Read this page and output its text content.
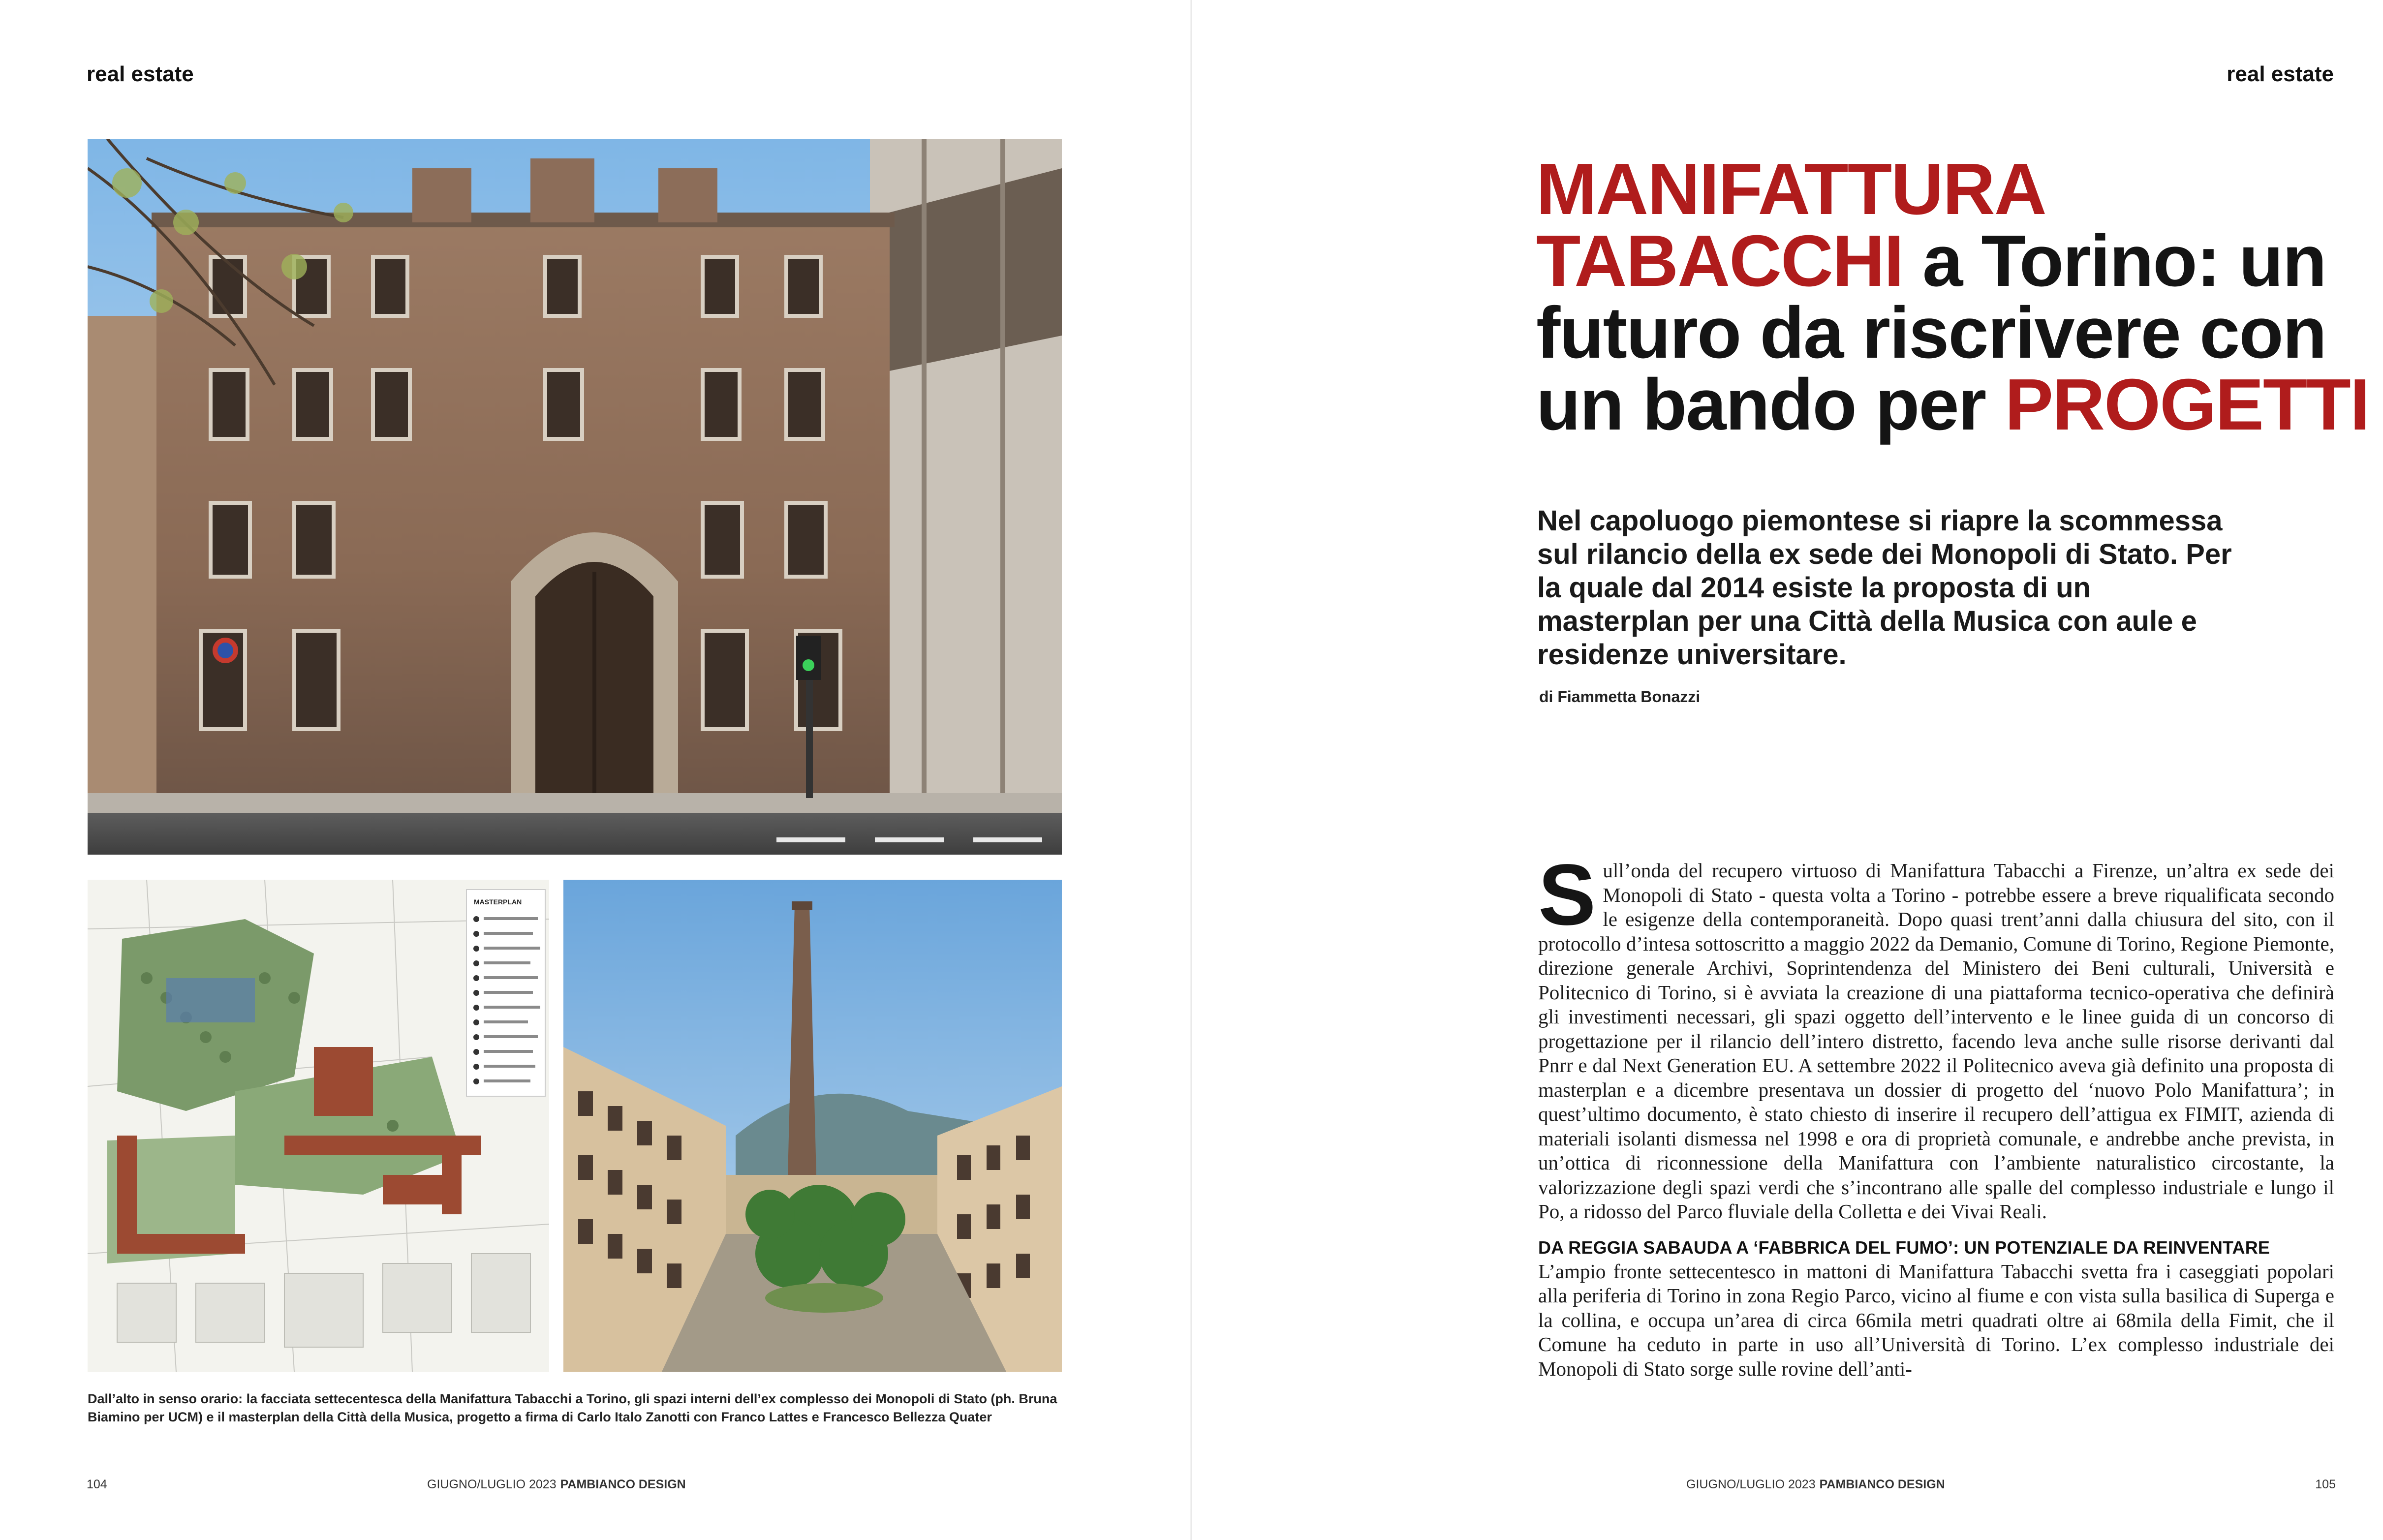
real estate
MASTERPLAN
Dall’alto in senso orario: la facciata settecentesca della Manifattura Tabacchi a Torino, gli spazi interni dell’ex complesso dei Monopoli di Stato (ph. Bruna Biamino per UCM) e il masterplan della Città della Musica, progetto a firma di Carlo Italo Zanotti con Franco Lattes e Francesco Bellezza Quater
104	GIUGNO/LUGLIO 2023 PAMBIANCO DESIGN
real estate
MANIFATTURA
TABACCHI a Torino: un
futuro da riscrivere con
un bando per PROGETTI
Nel capoluogo piemontese si riapre la scommessa sul rilancio della ex sede dei Monopoli di Stato. Per la quale dal 2014 esiste la proposta di un masterplan per una Città della Musica con aule e residenze universitare.
di Fiammetta Bonazzi

Sull’onda del recupero virtuoso di Manifattura Tabacchi a Firenze, un’altra ex sede dei Monopoli di Stato - questa volta a Torino - potrebbe essere a breve riqualificata secondo le esigenze della contemporaneità. Dopo quasi trent’anni dalla chiusura del sito, con il protocollo d’intesa sottoscritto a maggio 2022 da Demanio, Comune di Torino, Regione Piemonte, direzione generale Archivi, Soprintendenza del Ministero dei Beni culturali, Università e Politecnico di Torino, si è avviata la creazione di una piattaforma tecnico-operativa che definirà gli investimenti necessari, gli spazi oggetto dell’intervento e le linee guida di un concorso di progettazione per il rilancio dell’intero distretto, facendo leva anche sulle risorse derivanti dal Pnrr e dal Next Generation EU. A settembre 2022 il Politecnico aveva già definito una proposta di masterplan e a dicembre presentava un dossier di progetto del ‘nuovo Polo Manifattura’; in quest’ultimo documento, è stato chiesto di inserire il recupero dell’attigua ex FIMIT, azienda di materiali isolanti dismessa nel 1998 e ora di proprietà comunale, e andrebbe anche prevista, in un’ottica di riconnessione della Manifattura con l’ambiente naturalistico circostante, la valorizzazione degli spazi verdi che s’incontrano alle spalle del complesso industriale e lungo il Po, a ridosso del Parco fluviale della Colletta e dei Vivai Reali.

DA REGGIA SABAUDA A ‘FABBRICA DEL FUMO’: UN POTENZIALE DA REINVENTARE

L’ampio fronte settecentesco in mattoni di Manifattura Tabacchi svetta fra i caseggiati popolari alla periferia di Torino in zona Regio Parco, vicino al fiume e con vista sulla basilica di Superga e la collina, e occupa un’area di circa 66mila metri quadrati oltre ai 68mila della Fimit, che il Comune ha ceduto in parte in uso all’Università di Torino. L’ex complesso industriale dei Monopoli di Stato sorge sulle rovine dell’anti-

GIUGNO/LUGLIO 2023 PAMBIANCO DESIGN	105
